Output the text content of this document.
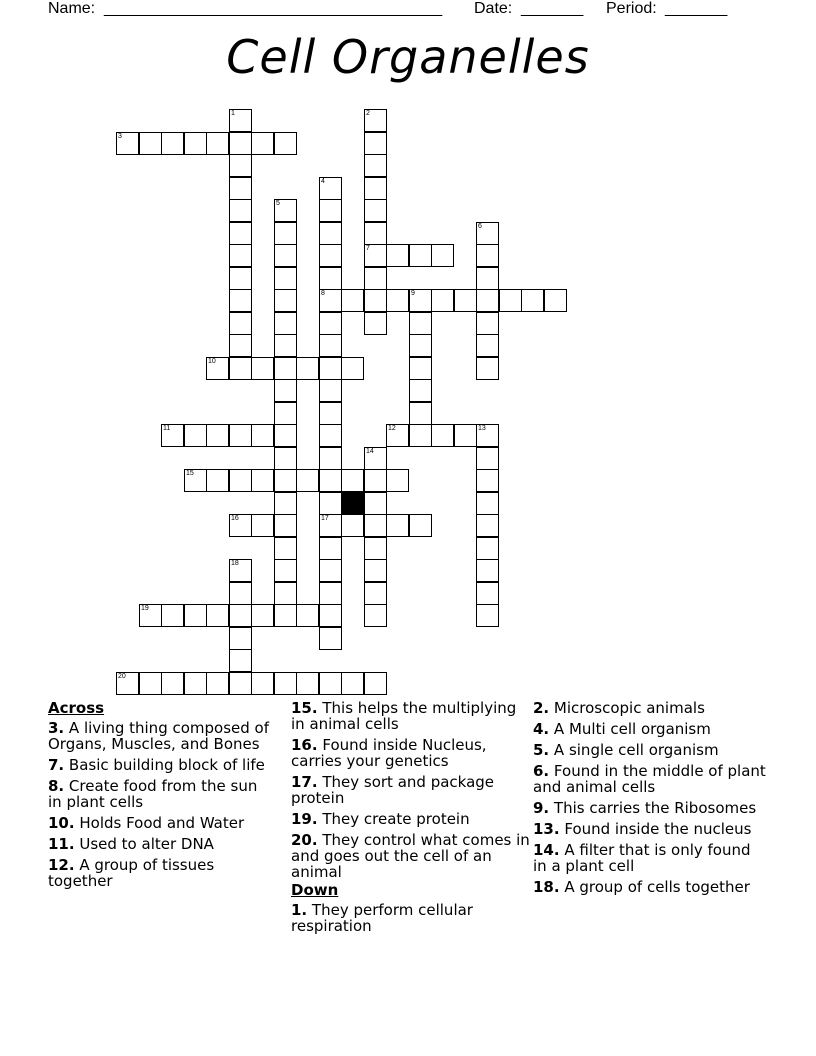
Name: ______________________________________ Date: _______ Period: _______
Cell Organelles
1	2
7
3
4
8
17
5
6
9
10
11	12	13
14
15
16
18
19
20
Across
3. A living thing composed of Organs, Muscles, and Bones
7. Basic building block of life
8. Create food from the sun in plant cells
10. Holds Food and Water
11. Used to alter DNA
12. A group of tissues together
15. This helps the multiplying in animal cells
16. Found inside Nucleus, carries your genetics
17. They sort and package protein
19. They create protein
20. They control what comes in and goes out the cell of an animal
Down
1. They perform cellular respiration
2. Microscopic animals
4. A Multi cell organism
5. A single cell organism
6. Found in the middle of plant and animal cells
9. This carries the Ribosomes
13. Found inside the nucleus
14. A filter that is only found in a plant cell
18. A group of cells together
